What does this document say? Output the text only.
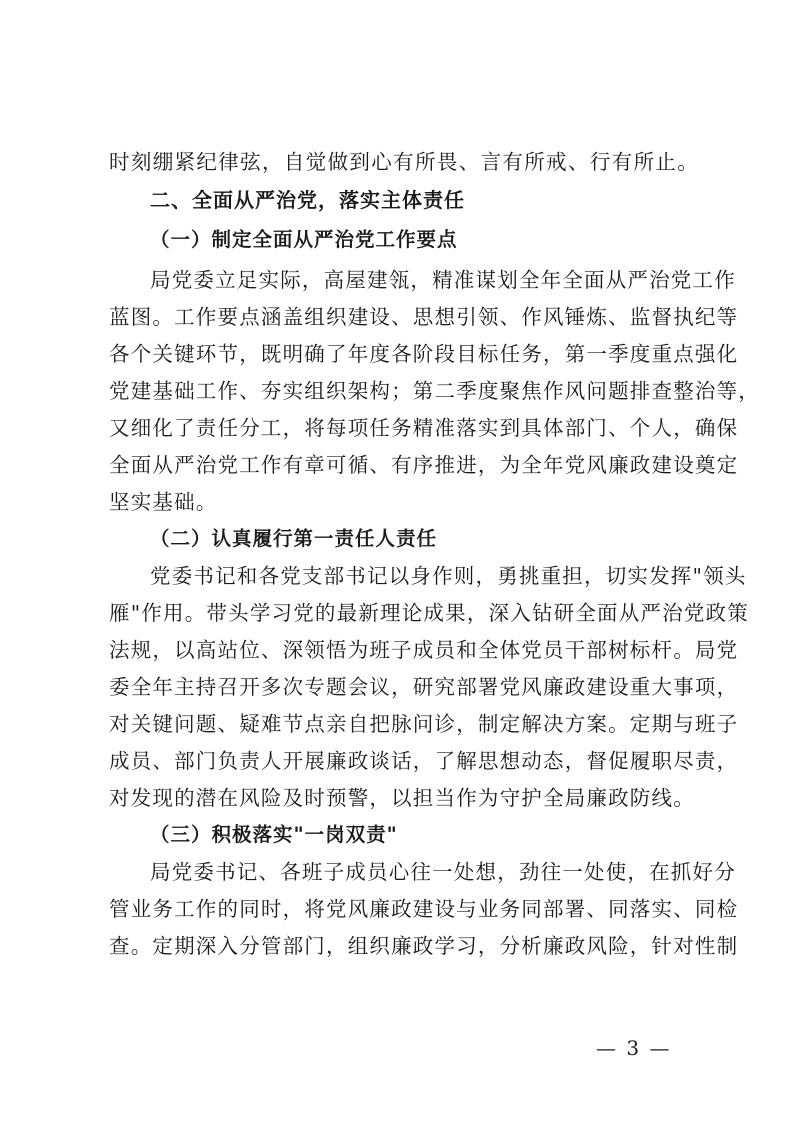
时刻绷紧纪律弦，自觉做到心有所畏、言有所戒、行有所止。
二、全面从严治党，落实主体责任
（一）制定全面从严治党工作要点
局党委立足实际，高屋建瓴，精准谋划全年全面从严治党工作
蓝图。工作要点涵盖组织建设、思想引领、作风锤炼、监督执纪等
各个关键环节，既明确了年度各阶段目标任务，第一季度重点强化
党建基础工作、夯实组织架构；第二季度聚焦作风问题排查整治等，
又细化了责任分工，将每项任务精准落实到具体部门、个人，确保
全面从严治党工作有章可循、有序推进，为全年党风廉政建设奠定
坚实基础。
（二）认真履行第一责任人责任
党委书记和各党支部书记以身作则，勇挑重担，切实发挥"领头
雁"作用。带头学习党的最新理论成果，深入钻研全面从严治党政策
法规，以高站位、深领悟为班子成员和全体党员干部树标杆。局党
委全年主持召开多次专题会议，研究部署党风廉政建设重大事项，
对关键问题、疑难节点亲自把脉问诊，制定解决方案。定期与班子
成员、部门负责人开展廉政谈话，了解思想动态，督促履职尽责，
对发现的潜在风险及时预警，以担当作为守护全局廉政防线。
（三）积极落实"一岗双责"
局党委书记、各班子成员心往一处想，劲往一处使，在抓好分
管业务工作的同时，将党风廉政建设与业务同部署、同落实、同检
查。定期深入分管部门，组织廉政学习，分析廉政风险，针对性制
— 3 —
